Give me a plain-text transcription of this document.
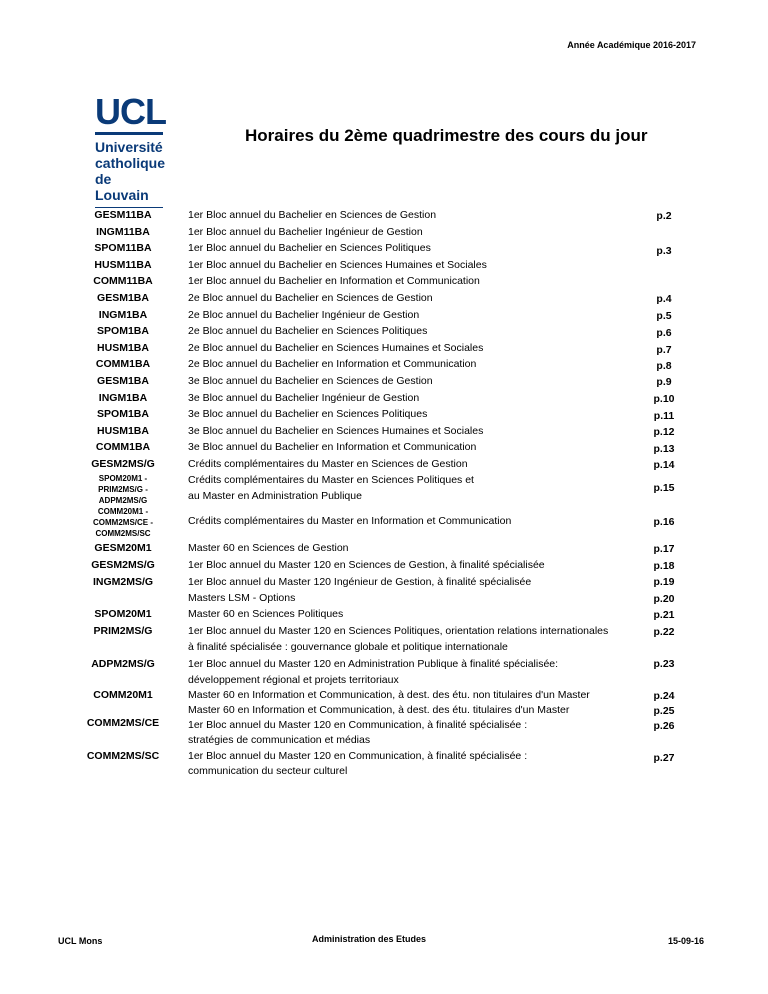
Année Académique 2016-2017
UCL
Université
catholique
de Louvain
Horaires du 2ème quadrimestre des cours du jour
GESM11BA
INGM11BA
SPOM11BA
HUSM11BA
COMM11BA
GESM1BA
INGM1BA
SPOM1BA
HUSM1BA
COMM1BA
GESM1BA
INGM1BA
SPOM1BA
HUSM1BA
COMM1BA
GESM2MS/G
SPOM20M1 -
PRIM2MS/G -
ADPM2MS/G
COMM20M1 -
COMM2MS/CE -
COMM2MS/SC
GESM20M1
GESM2MS/G
INGM2MS/G
SPOM20M1
PRIM2MS/G
ADPM2MS/G
COMM20M1
COMM2MS/CE
COMM2MS/SC
1er Bloc annuel du Bachelier en Sciences de Gestion
1er Bloc annuel du Bachelier Ingénieur de Gestion
1er Bloc annuel du Bachelier en Sciences Politiques
1er Bloc annuel du Bachelier en Sciences Humaines et Sociales
1er Bloc annuel du Bachelier en Information et Communication
2e Bloc annuel du Bachelier en Sciences de Gestion
2e Bloc annuel du Bachelier Ingénieur de Gestion
2e Bloc annuel du Bachelier en Sciences Politiques
2e Bloc annuel du Bachelier en Sciences Humaines et Sociales
2e Bloc annuel du Bachelier en Information et Communication
3e Bloc annuel du Bachelier en Sciences de Gestion
3e Bloc annuel du Bachelier Ingénieur de Gestion
3e Bloc annuel du Bachelier en Sciences Politiques
3e Bloc annuel du Bachelier en Sciences Humaines et Sociales
3e Bloc annuel du Bachelier en Information et Communication
Crédits complémentaires du Master en Sciences de Gestion
Crédits complémentaires du Master en Sciences Politiques et
au Master en Administration Publique
Crédits complémentaires du Master en Information et Communication
Master 60 en Sciences de Gestion
1er Bloc annuel du Master 120 en Sciences de Gestion, à finalité spécialisée
1er Bloc annuel du Master 120 Ingénieur de Gestion, à finalité spécialisée
Masters LSM - Options
Master 60 en Sciences Politiques
1er Bloc annuel du Master 120 en Sciences Politiques, orientation relations internationales
à finalité spécialisée : gouvernance globale et politique internationale
1er Bloc annuel du Master 120 en Administration Publique à finalité spécialisée:
développement régional et projets territoriaux
Master 60 en Information et Communication, à dest. des étu. non titulaires d'un Master
Master 60 en Information et Communication, à dest. des étu. titulaires d'un Master
1er Bloc annuel du Master 120 en Communication, à finalité spécialisée :
stratégies de communication et médias
1er Bloc annuel du Master 120 en Communication, à finalité spécialisée :
communication du secteur culturel
p.2
p.3
p.4
p.5
p.6
p.7
p.8
p.9
p.10
p.11
p.12
p.13
p.14
p.15
p.16
p.17
p.18
p.19
p.20
p.21
p.22
p.23
p.24
p.25
p.26
p.27
UCL Mons	Administration des Etudes	15-09-16
